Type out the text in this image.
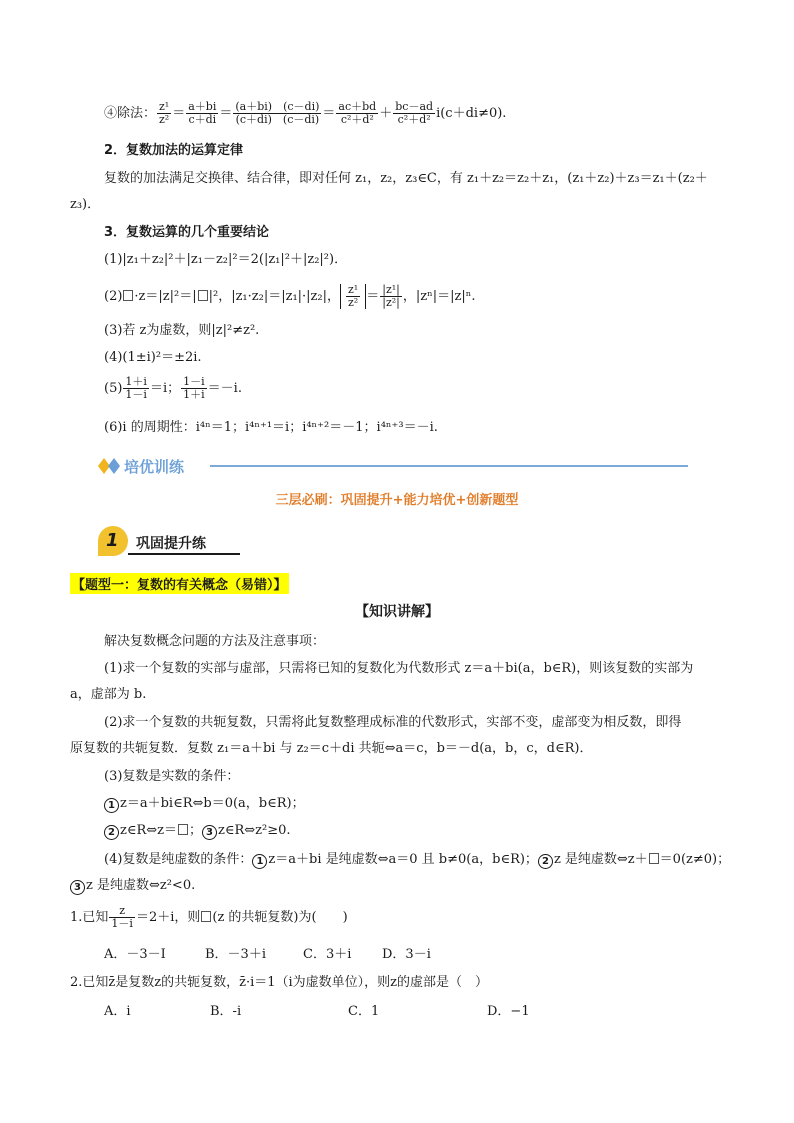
④除法： $\frac{\text{z¹}}{\text{z²}} = \frac{a+bi}{c+di} = \frac{(a+bi) (c-di)}{(c+di) (c-di)} = \frac{ac+bd}{\text{c²＋d²}} + \frac{bc-ad}{\text{c²＋d²}} i(c+di\ne 0)$.
2．复数加法的运算定律
复数的加法满足交换律、结合律，即对任何 z₁，z₂，z₃∈C，有 z₁＋z₂＝z₂＋z₁，(z₁＋z₂)＋z₃＝z₁＋(z₂＋
z₃)．
3．复数运算的几个重要结论
(1)|z₁＋z₂|²＋|z₁－z₂|²＝2(|z₁|²＋|z₂|²)．
(2) ·z＝|z|²＝| |²，|z₁·z₂|＝|z₁|·|z₂|， $\frac{\text{z¹}}{\text{z²}} = \frac{\text{|z¹|}}{\text{|z²|}}$ ，|zⁿ|＝|z|ⁿ.
(3)若 z为虚数，则|z|²≠z².
(4)(1±i)²＝±2i.
$(5) \frac{1+i}{1-i} =i$； $\frac{1-i}{1+i} =-i$.
(6)i 的周期性：i⁴ⁿ＝1；i⁴ⁿ⁺¹＝i；i⁴ⁿ⁺²＝－1；i⁴ⁿ⁺³＝－i.
培优训练
三层必刷：巩固提升+能力培优+创新题型
1 巩固提升练
【题型一：复数的有关概念（易错）】
【知识讲解】
解决复数概念问题的方法及注意事项：
(1)求一个复数的实部与虚部，只需将已知的复数化为代数形式 z＝a＋bi(a，b∈R)，则该复数的实部为
a，虚部为 b.
(2)求一个复数的共轭复数，只需将此复数整理成标准的代数形式，实部不变，虚部变为相反数，即得
原复数的共轭复数．复数 z₁＝a＋bi 与 z₂＝c＋di 共轭⇔a＝c，b＝－d(a，b，c，d∈R)．
(3)复数是实数的条件：
1 z＝a＋bi∈R⇔b＝0(a，b∈R)；
2 z∈R⇔z＝ ； 3 z∈R⇔z²≥0.
(4)复数是纯虚数的条件： 1 z＝a＋bi 是纯虚数⇔a＝0 且 b≠0(a，b∈R)； 2 z 是纯虚数⇔z＋ ＝0(z≠0)；
3 z 是纯虚数⇔z²<0.
1.已知 $\frac{z}{1-i} =2+i$，则 (z 的共轭复数)为(　　)
A．－3－I	B．－3＋i	C．3＋i D．3－i
2.已知z̄是复数z的共轭复数，z̄·i＝1（i为虚数单位），则z的虚部是（　）
A．i	B．-i	C．1	D．−1
